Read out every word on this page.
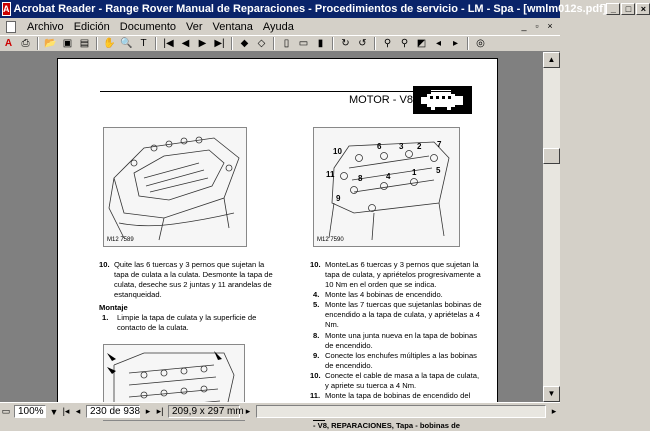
A Acrobat Reader - Range Rover Manual de Reparaciones - Procedimientos de servicio - LM - Spa - [wmlm012s.pdf] _	□	×
Archivo Edición Documento Ver Ventana Ayuda	_ ▫ ×
A ⎙	📂 ▣ ▤ ✋ 🔍 T	|◀ ◀ ▶ ▶|	◆ ◇	▯ ▭ ▮	↻ ↺	⚲ ⚲ ◩ ◂	▸	◎
MOTOR - V8
M12 7589
10. Quite las 6 tuercas y 3 pernos que sujetan la
tapa de culata a la culata. Desmonte la tapa de
culata, deseche sus 2 juntas y 11 arandelas de
estanqueidad.
Montaje
1. Limpie la tapa de culata y la superficie de
contacto de la culata.
10
6 3 2 7
11	8	4	1 5
9
M12 7590
10. MonteLas 6 tuercas y 3 pernos que sujetan la
tapa de culata, y apriételos progresivamente a
10 Nm en el orden que se indica.
4. Monte las 4 bobinas de encendido.
5. Monte las 7 tuercas que sujetanlas bobinas de
encendido a la tapa de culata, y apriételas a 4
Nm.
8. Monte una junta nueva en la tapa de bobinas
de encendido.
9. Conecte los enchufes múltiples a las bobinas
de encendido.
10. Conecte el cable de masa a la tapa de culata,
y apriete su tuerca a 4 Nm.
11. Monte la tapa de bobinas de encendido del

- V8, REPARACIONES, Tapa - bobinas de
▲
▼
▭ 100% ▼ |◂ ◂ 230 de 938 ▸ ▸| 209,9 x 297 mm ▸	▸
